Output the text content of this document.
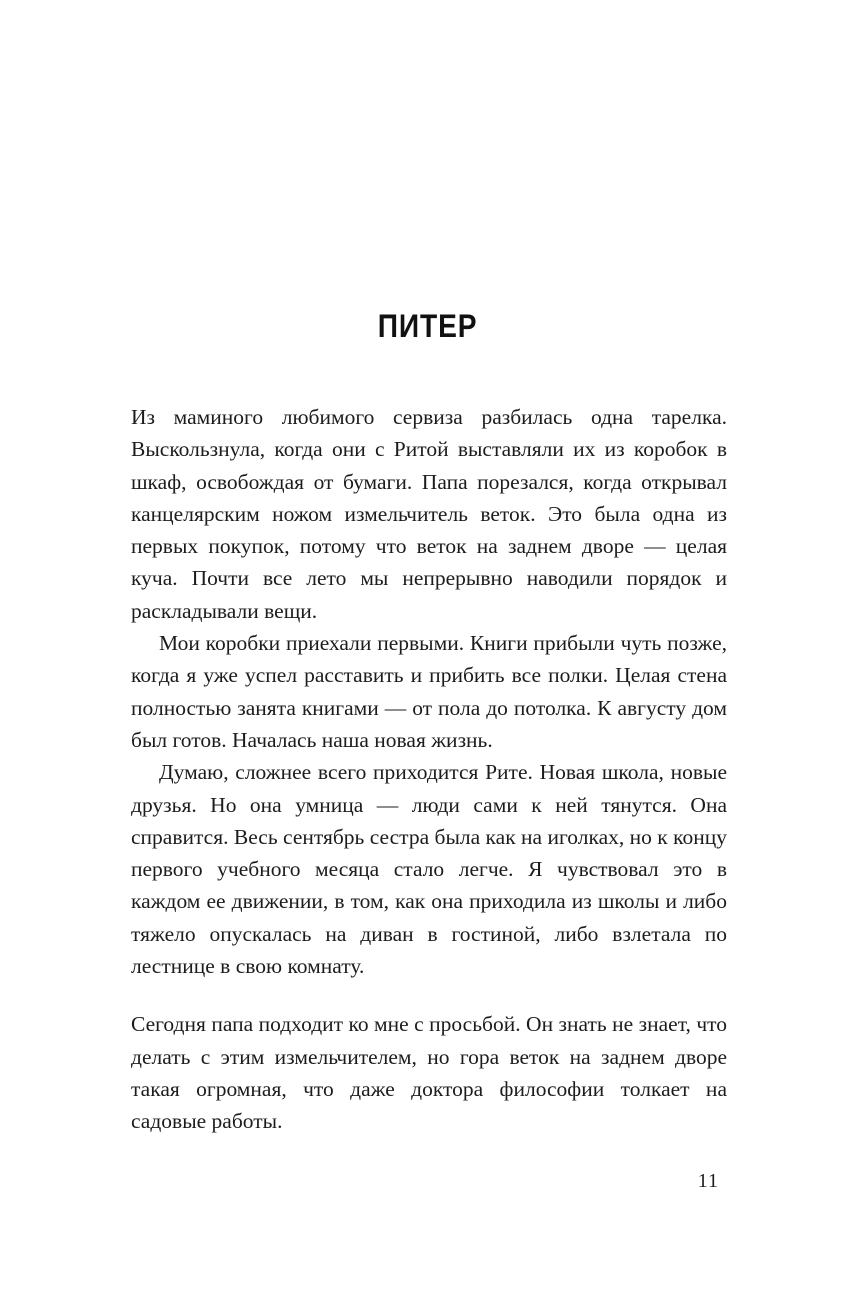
ПИТЕР

Из маминого любимого сервиза разбилась одна тарелка. Выскользнула, когда они с Ритой выставляли их из коробок в шкаф, освобождая от бумаги. Папа порезался, когда открывал канцелярским ножом измельчитель веток. Это была одна из первых покупок, потому что веток на заднем дворе — целая куча. Почти все лето мы непрерывно наводили порядок и раскладывали вещи.

Мои коробки приехали первыми. Книги прибыли чуть позже, когда я уже успел расставить и прибить все полки. Целая стена полностью занята книгами — от пола до потолка. К августу дом был готов. Началась наша новая жизнь.

Думаю, сложнее всего приходится Рите. Новая школа, новые друзья. Но она умница — люди сами к ней тянутся. Она справится. Весь сентябрь сестра была как на иголках, но к концу первого учебного месяца стало легче. Я чувствовал это в каждом ее движении, в том, как она приходила из школы и либо тяжело опускалась на диван в гостиной, либо взлетала по лестнице в свою комнату.

Сегодня папа подходит ко мне с просьбой. Он знать не знает, что делать с этим измельчителем, но гора веток на заднем дворе такая огромная, что даже доктора философии толкает на садовые работы.

11
